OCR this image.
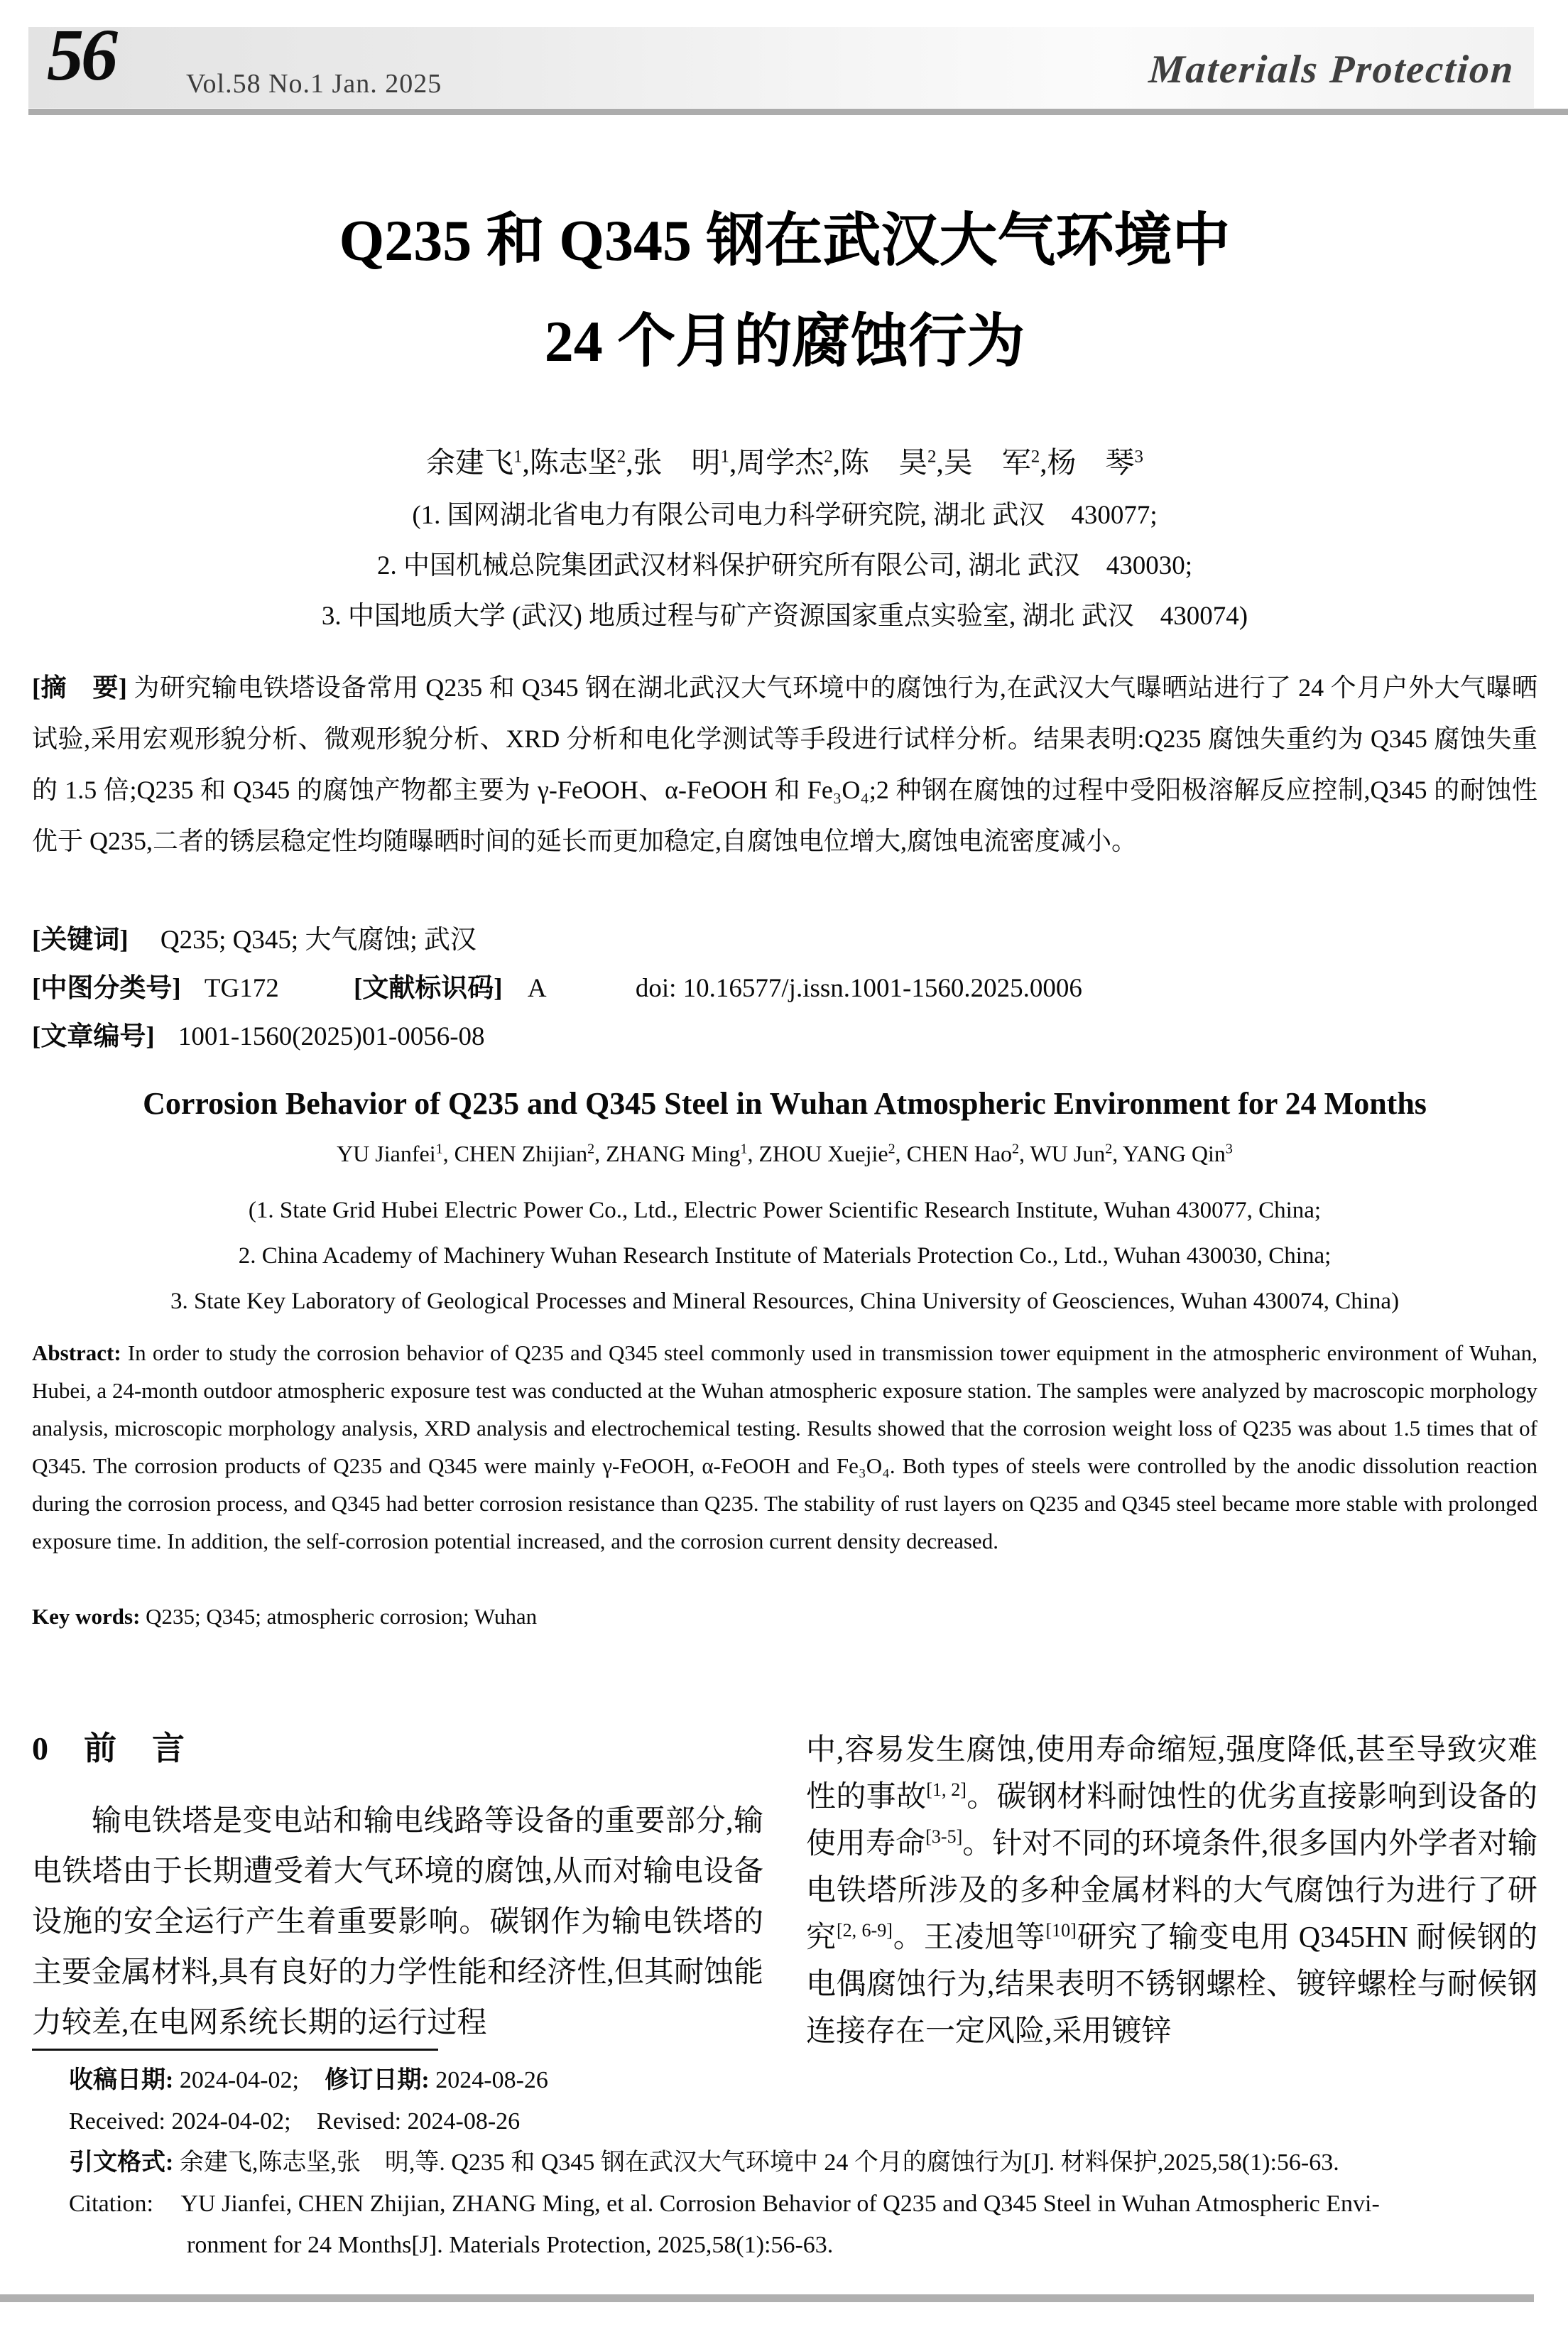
56	Vol.58 No.1 Jan. 2025	Materials Protection
Q235 和 Q345 钢在武汉大气环境中
24 个月的腐蚀行为
余建飞$^1$,陈志坚$^2$,张　明$^1$,周学杰$^2$,陈　昊$^2$,吴　军$^2$,杨　琴$^3$
(1. 国网湖北省电力有限公司电力科学研究院, 湖北 武汉　430077;
2. 中国机械总院集团武汉材料保护研究所有限公司, 湖北 武汉　430030;
3. 中国地质大学 (武汉) 地质过程与矿产资源国家重点实验室, 湖北 武汉　430074)
[摘　要] 为研究输电铁塔设备常用 Q235 和 Q345 钢在湖北武汉大气环境中的腐蚀行为,在武汉大气曝晒站进行了 24 个月户外大气曝晒试验,采用宏观形貌分析、微观形貌分析、XRD 分析和电化学测试等手段进行试样分析。结果表明:Q235 腐蚀失重约为 Q345 腐蚀失重的 1.5 倍;Q235 和 Q345 的腐蚀产物都主要为 γ-FeOOH、α-FeOOH 和 Fe₃O₄;2 种钢在腐蚀的过程中受阳极溶解反应控制,Q345 的耐蚀性优于 Q235,二者的锈层稳定性均随曝晒时间的延长而更加稳定,自腐蚀电位增大,腐蚀电流密度减小。
[关键词] Q235; Q345; 大气腐蚀; 武汉
[中图分类号] TG172	[文献标识码] A	doi: 10.16577/j.issn.1001-1560.2025.0006
[文章编号] 1001-1560(2025)01-0056-08
Corrosion Behavior of Q235 and Q345 Steel in Wuhan Atmospheric Environment for 24 Months
YU Jianfei$^1$, CHEN Zhijian$^2$, ZHANG Ming$^1$, ZHOU Xuejie$^2$, CHEN Hao$^2$, WU Jun$^2$, YANG Qin$^3$
(1. State Grid Hubei Electric Power Co., Ltd., Electric Power Scientific Research Institute, Wuhan 430077, China;
2. China Academy of Machinery Wuhan Research Institute of Materials Protection Co., Ltd., Wuhan 430030, China;
3. State Key Laboratory of Geological Processes and Mineral Resources, China University of Geosciences, Wuhan 430074, China)
Abstract: In order to study the corrosion behavior of Q235 and Q345 steel commonly used in transmission tower equipment in the atmospheric environment of Wuhan, Hubei, a 24-month outdoor atmospheric exposure test was conducted at the Wuhan atmospheric exposure station. The samples were analyzed by macroscopic morphology analysis, microscopic morphology analysis, XRD analysis and electrochemical testing. Results showed that the corrosion weight loss of Q235 was about 1.5 times that of Q345. The corrosion products of Q235 and Q345 were mainly γ-FeOOH, α-FeOOH and Fe₃O₄. Both types of steels were controlled by the anodic dissolution reaction during the corrosion process, and Q345 had better corrosion resistance than Q235. The stability of rust layers on Q235 and Q345 steel became more stable with prolonged exposure time. In addition, the self-corrosion potential increased, and the corrosion current density decreased.
Key words: Q235; Q345; atmospheric corrosion; Wuhan
0　前　言

输电铁塔是变电站和输电线路等设备的重要部分,输电铁塔由于长期遭受着大气环境的腐蚀,从而对输电设备设施的安全运行产生着重要影响。碳钢作为输电铁塔的主要金属材料,具有良好的力学性能和经济性,但其耐蚀能力较差,在电网系统长期的运行过程

中,容易发生腐蚀,使用寿命缩短,强度降低,甚至导致灾难性的事故[1, 2]。碳钢材料耐蚀性的优劣直接影响到设备的使用寿命[3-5]。针对不同的环境条件,很多国内外学者对输电铁塔所涉及的多种金属材料的大气腐蚀行为进行了研究[2, 6-9]。王凌旭等[10]研究了输变电用 Q345HN 耐候钢的电偶腐蚀行为,结果表明不锈钢螺栓、镀锌螺栓与耐候钢连接存在一定风险,采用镀锌

收稿日期: 2024-04-02; 修订日期: 2024-08-26
Received: 2024-04-02; Revised: 2024-08-26
引文格式: 余建飞,陈志坚,张　明,等. Q235 和 Q345 钢在武汉大气环境中 24 个月的腐蚀行为[J]. 材料保护,2025,58(1):56-63.
Citation: YU Jianfei, CHEN Zhijian, ZHANG Ming, et al. Corrosion Behavior of Q235 and Q345 Steel in Wuhan Atmospheric Envi-
ronment for 24 Months[J]. Materials Protection, 2025,58(1):56-63.
